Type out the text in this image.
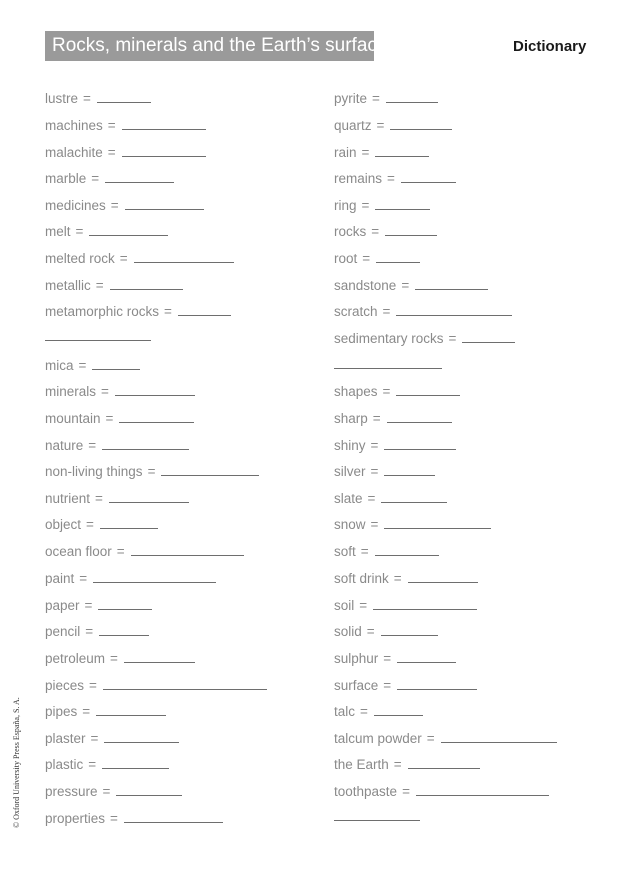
Rocks, minerals and the Earth’s surface	Dictionary
lustre =
machines =
malachite =
marble =
medicines =
melt =
melted rock =
metallic =
metamorphic rocks =
mica =
minerals =
mountain =
nature =
non-living things =
nutrient =
object =
ocean floor =
paint =
paper =
pencil =
petroleum =
pieces =
pipes =
plaster =
plastic =
pressure =
properties =
pyrite =
quartz =
rain =
remains =
ring =
rocks =
root =
sandstone =
scratch =
sedimentary rocks =
shapes =
sharp =
shiny =
silver =
slate =
snow =
soft =
soft drink =
soil =
solid =
sulphur =
surface =
talc =
talcum powder =
the Earth =
toothpaste =
© Oxford University Press España, S. A.
